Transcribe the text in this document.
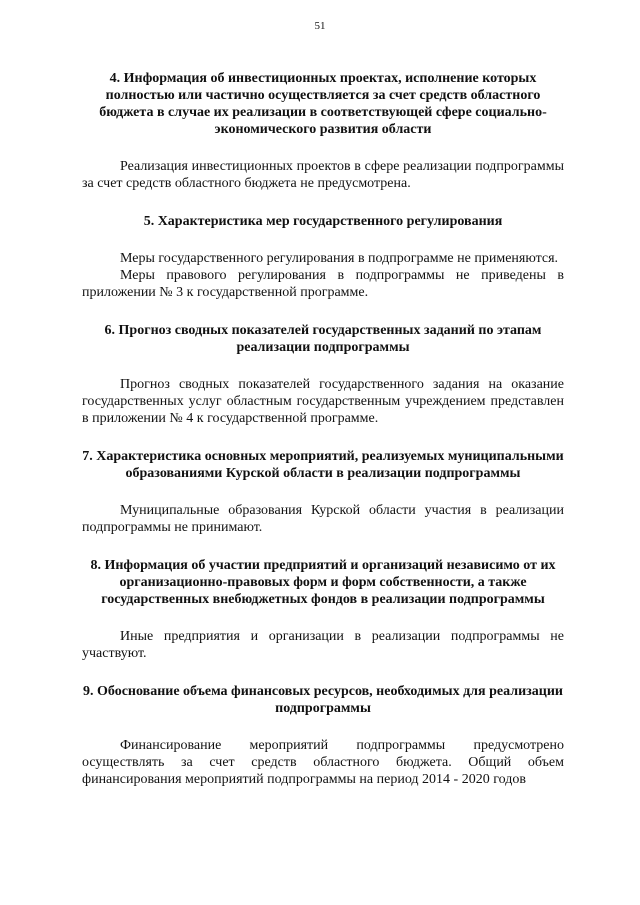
51
4. Информация об инвестиционных проектах, исполнение которых полностью или частично осуществляется за счет средств областного бюджета в случае их реализации в соответствующей сфере социально-экономического развития области

Реализация инвестиционных проектов в сфере реализации подпрограммы за счет средств областного бюджета не предусмотрена.

5. Характеристика мер государственного регулирования

Меры государственного регулирования в подпрограмме не применяются.

Меры правового регулирования в подпрограммы не приведены в приложении № 3 к государственной программе.

6. Прогноз сводных показателей государственных заданий по этапам реализации подпрограммы

Прогноз сводных показателей государственного задания на оказание государственных услуг областным государственным учреждением представлен в приложении № 4 к государственной программе.

7. Характеристика основных мероприятий, реализуемых муниципальными образованиями Курской области в реализации подпрограммы

Муниципальные образования Курской области участия в реализации подпрограммы не принимают.

8. Информация об участии предприятий и организаций независимо от их организационно-правовых форм и форм собственности, а также государственных внебюджетных фондов в реализации подпрограммы

Иные предприятия и организации в реализации подпрограммы не участвуют.

9. Обоснование объема финансовых ресурсов, необходимых для реализации подпрограммы

Финансирование мероприятий подпрограммы предусмотрено осуществлять за счет средств областного бюджета. Общий объем финансирования мероприятий подпрограммы на период 2014 - 2020 годов
